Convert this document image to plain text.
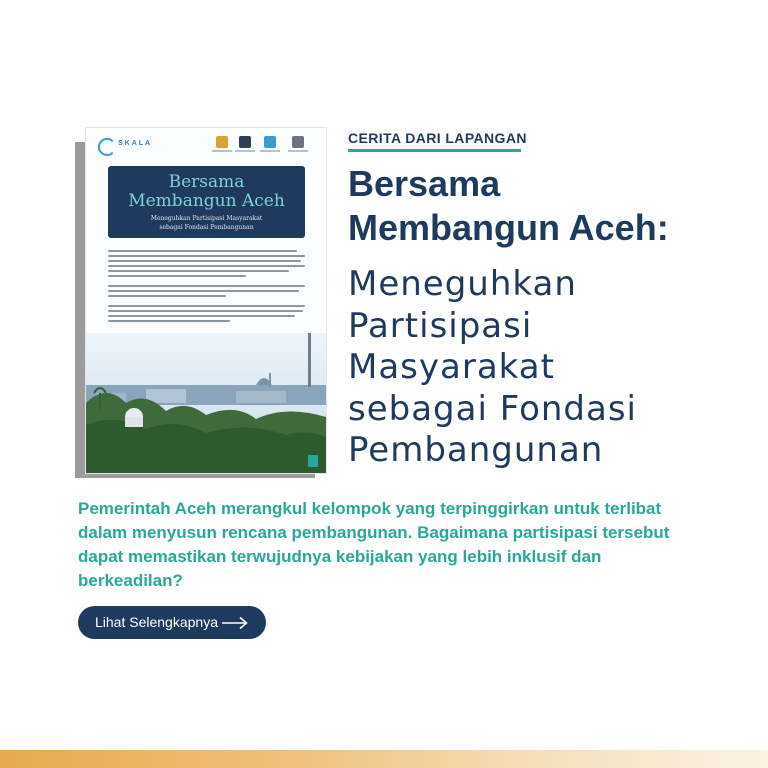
SKALA
Bersama
Membangun Aceh
Meneguhkan Partisipasi Masyarakat
sebagai Fondasi Pembangunan
CERITA DARI LAPANGAN
Bersama
Membangun Aceh:
Meneguhkan
Partisipasi
Masyarakat
sebagai Fondasi
Pembangunan

Pemerintah Aceh merangkul kelompok yang terpinggirkan untuk terlibat dalam menyusun rencana pembangunan. Bagaimana partisipasi tersebut dapat memastikan terwujudnya kebijakan yang lebih inklusif dan berkeadilan?

Lihat Selengkapnya
